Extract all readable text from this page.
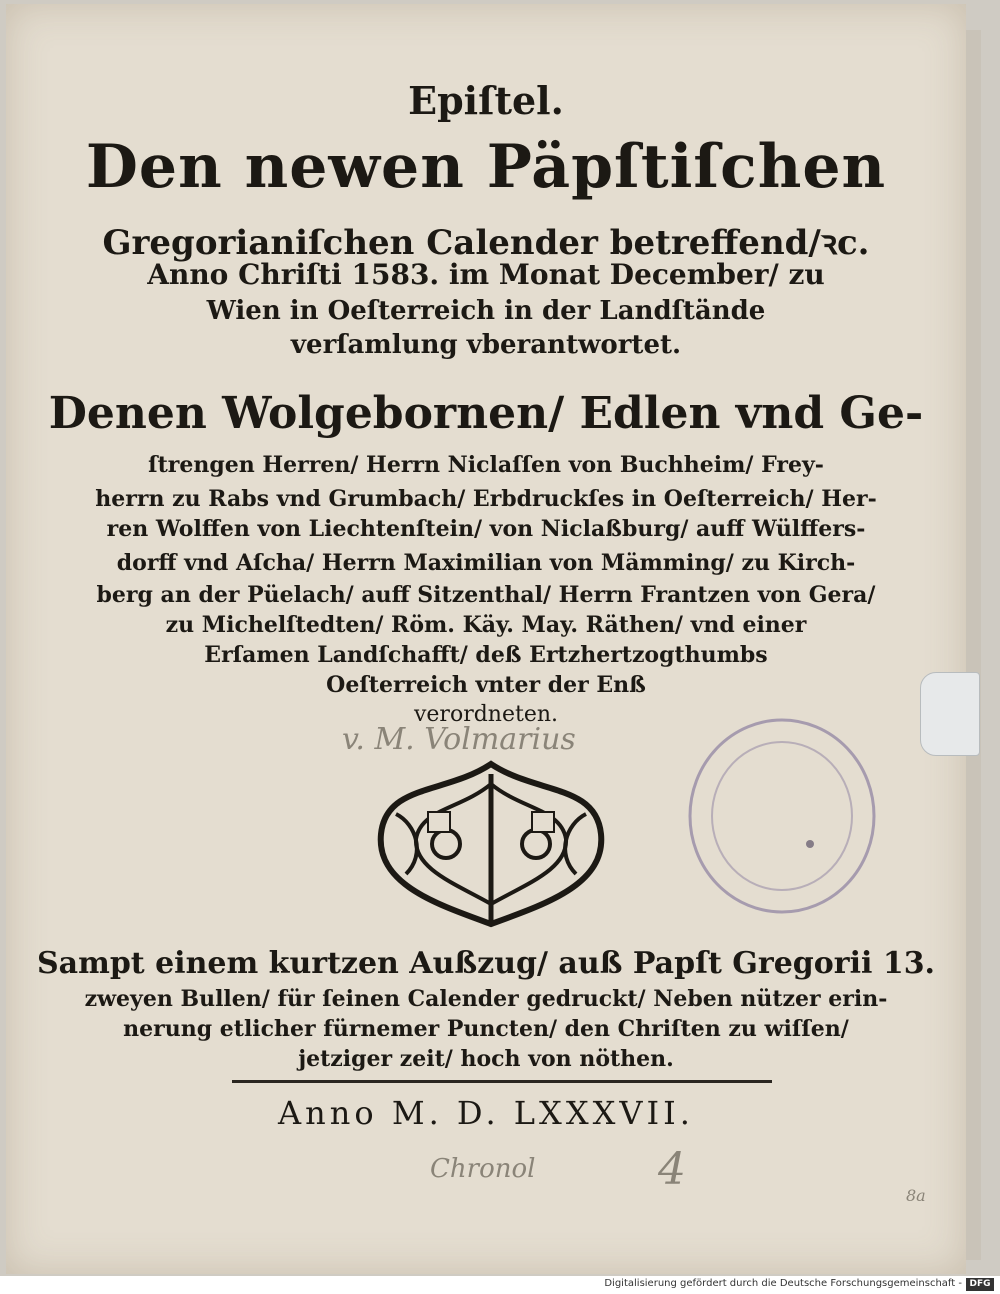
Epiſtel.
Den newen Päpſtiſchen
Gregorianiſchen Calender betreffend/ꝛc.
Anno Chriſti 1583. im Monat December/ zu
Wien in Oeſterreich in der Landſtände
verſamlung vberantwortet.
Denen Wolgebornen/ Edlen vnd Ge-
ſtrengen Herren/ Herrn Niclaſſen von Buchheim/ Frey-
herrn zu Rabs vnd Grumbach/ Erbdruckſes in Oeſterreich/ Her-
ren Wolffen von Liechtenſtein/ von Niclaßburg/ auff Wülffers-
dorff vnd Aſcha/ Herrn Maximilian von Mämming/ zu Kirch-
berg an der Püelach/ auff Sitzenthal/ Herrn Frantzen von Gera/
zu Michelſtedten/ Röm. Käy. May. Räthen/ vnd einer
Erſamen Landſchafft/ deß Ertzhertzogthumbs
Oeſterreich vnter der Enß
verordneten.
v. M. Volmarius
Sampt einem kurtzen Außzug/ auß Papſt Gregorii 13.
zweyen Bullen/ für ſeinen Calender gedruckt/ Neben nützer erin-
nerung etlicher fürnemer Puncten/ den Chriſten zu wiſſen/
jetziger zeit/ hoch von nöthen.
Anno M. D. LXXXVII.
Chronol	4
8a
Digitalisierung gefördert durch die Deutsche Forschungsgemeinschaft - DFG
